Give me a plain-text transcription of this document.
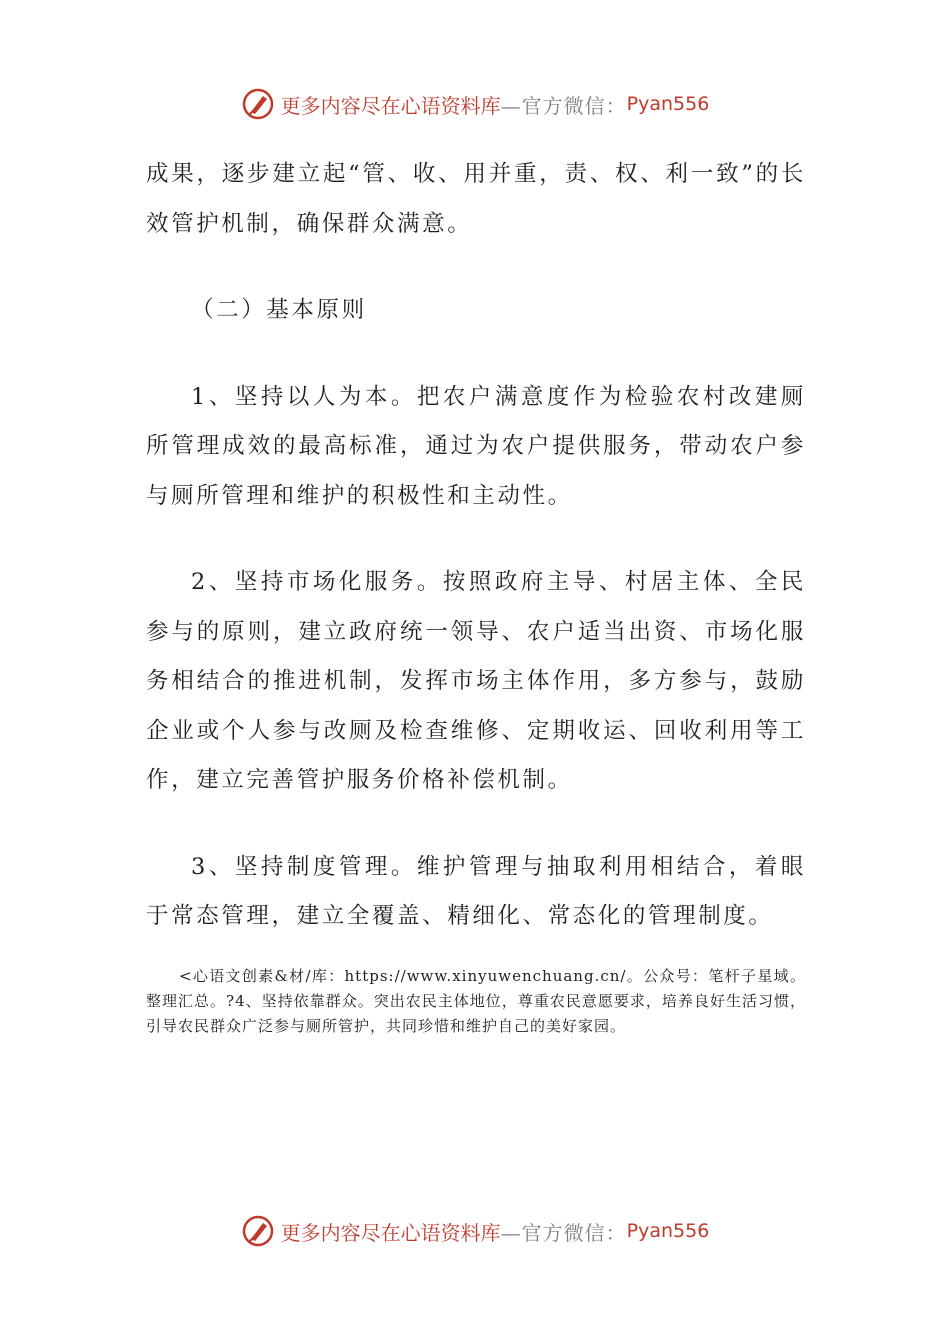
更多内容尽在心语资料库 —官方微信： Pyan556

成果，逐步建立起“管、收、用并重，责、权、利一致”的长效管护机制，确保群众满意。

（二）基本原则

1、坚持以人为本。把农户满意度作为检验农村改建厕所管理成效的最高标准，通过为农户提供服务，带动农户参与厕所管理和维护的积极性和主动性。

2、坚持市场化服务。按照政府主导、村居主体、全民参与的原则，建立政府统一领导、农户适当出资、市场化服务相结合的推进机制，发挥市场主体作用，多方参与，鼓励企业或个人参与改厕及检查维修、定期收运、回收利用等工作，建立完善管护服务价格补偿机制。

3、坚持制度管理。维护管理与抽取利用相结合，着眼于常态管理，建立全覆盖、精细化、常态化的管理制度。

<心语文创素&材/库：https://www.xinyuwenchuang.cn/。公众号：笔杆子星域。整理汇总。?4、坚持依靠群众。突出农民主体地位，尊重农民意愿要求，培养良好生活习惯，引导农民群众广泛参与厕所管护，共同珍惜和维护自己的美好家园。

更多内容尽在心语资料库 —官方微信： Pyan556
